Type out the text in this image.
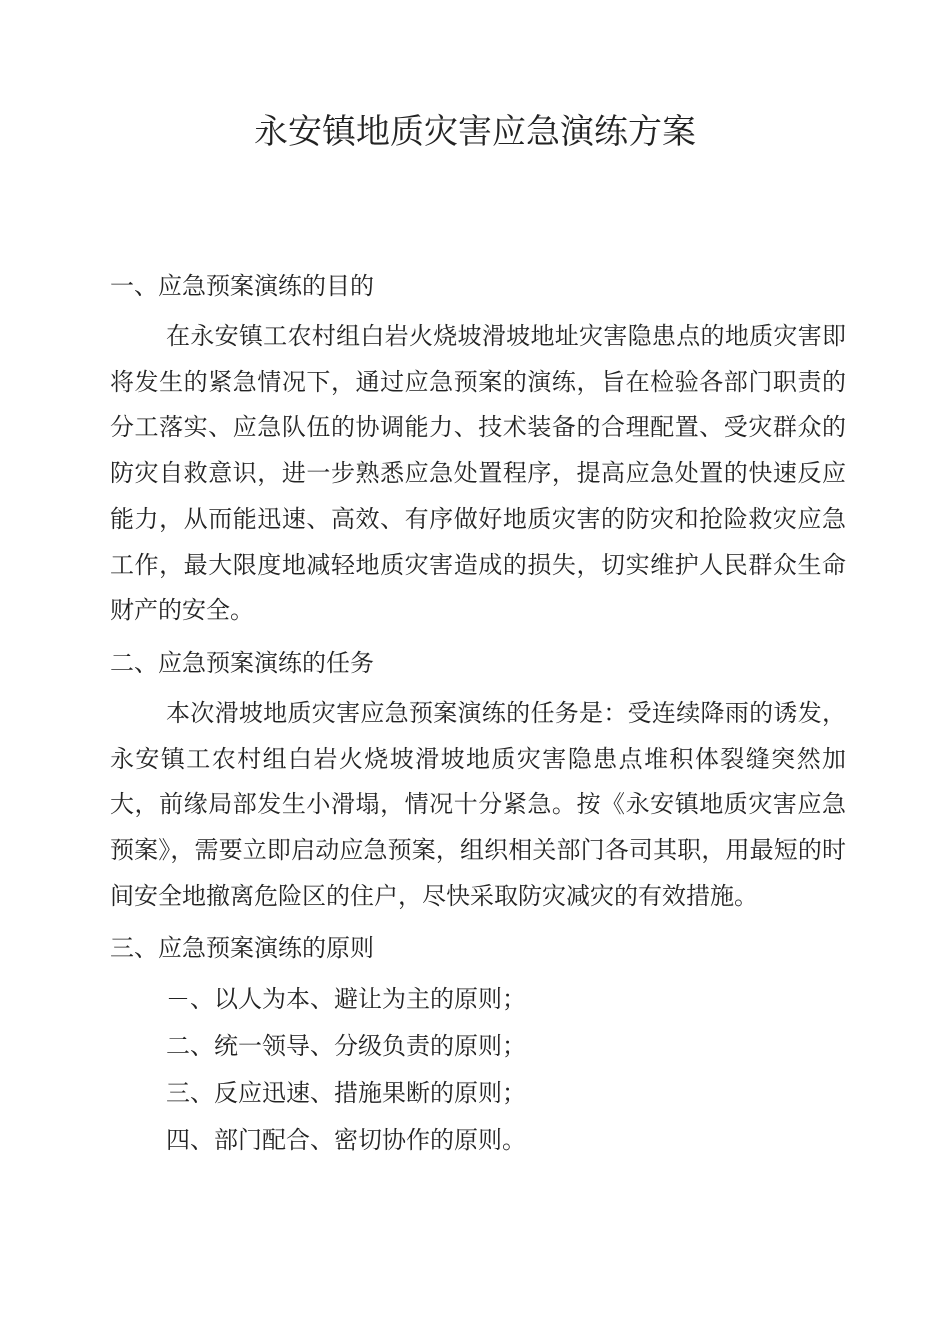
永安镇地质灾害应急演练方案
一、应急预案演练的目的

在永安镇工农村组白岩火烧坡滑坡地址灾害隐患点的地质灾害即将发生的紧急情况下，通过应急预案的演练，旨在检验各部门职责的分工落实、应急队伍的协调能力、技术装备的合理配置、受灾群众的防灾自救意识，进一步熟悉应急处置程序，提高应急处置的快速反应能力，从而能迅速、高效、有序做好地质灾害的防灾和抢险救灾应急工作，最大限度地减轻地质灾害造成的损失，切实维护人民群众生命财产的安全。

二、应急预案演练的任务

本次滑坡地质灾害应急预案演练的任务是：受连续降雨的诱发，永安镇工农村组白岩火烧坡滑坡地质灾害隐患点堆积体裂缝突然加大，前缘局部发生小滑塌，情况十分紧急。按《永安镇地质灾害应急预案》，需要立即启动应急预案，组织相关部门各司其职，用最短的时间安全地撤离危险区的住户，尽快采取防灾减灾的有效措施。

三、应急预案演练的原则
－、以人为本、避让为主的原则；
二、统一领导、分级负责的原则；
三、反应迅速、措施果断的原则；
四、部门配合、密切协作的原则。
